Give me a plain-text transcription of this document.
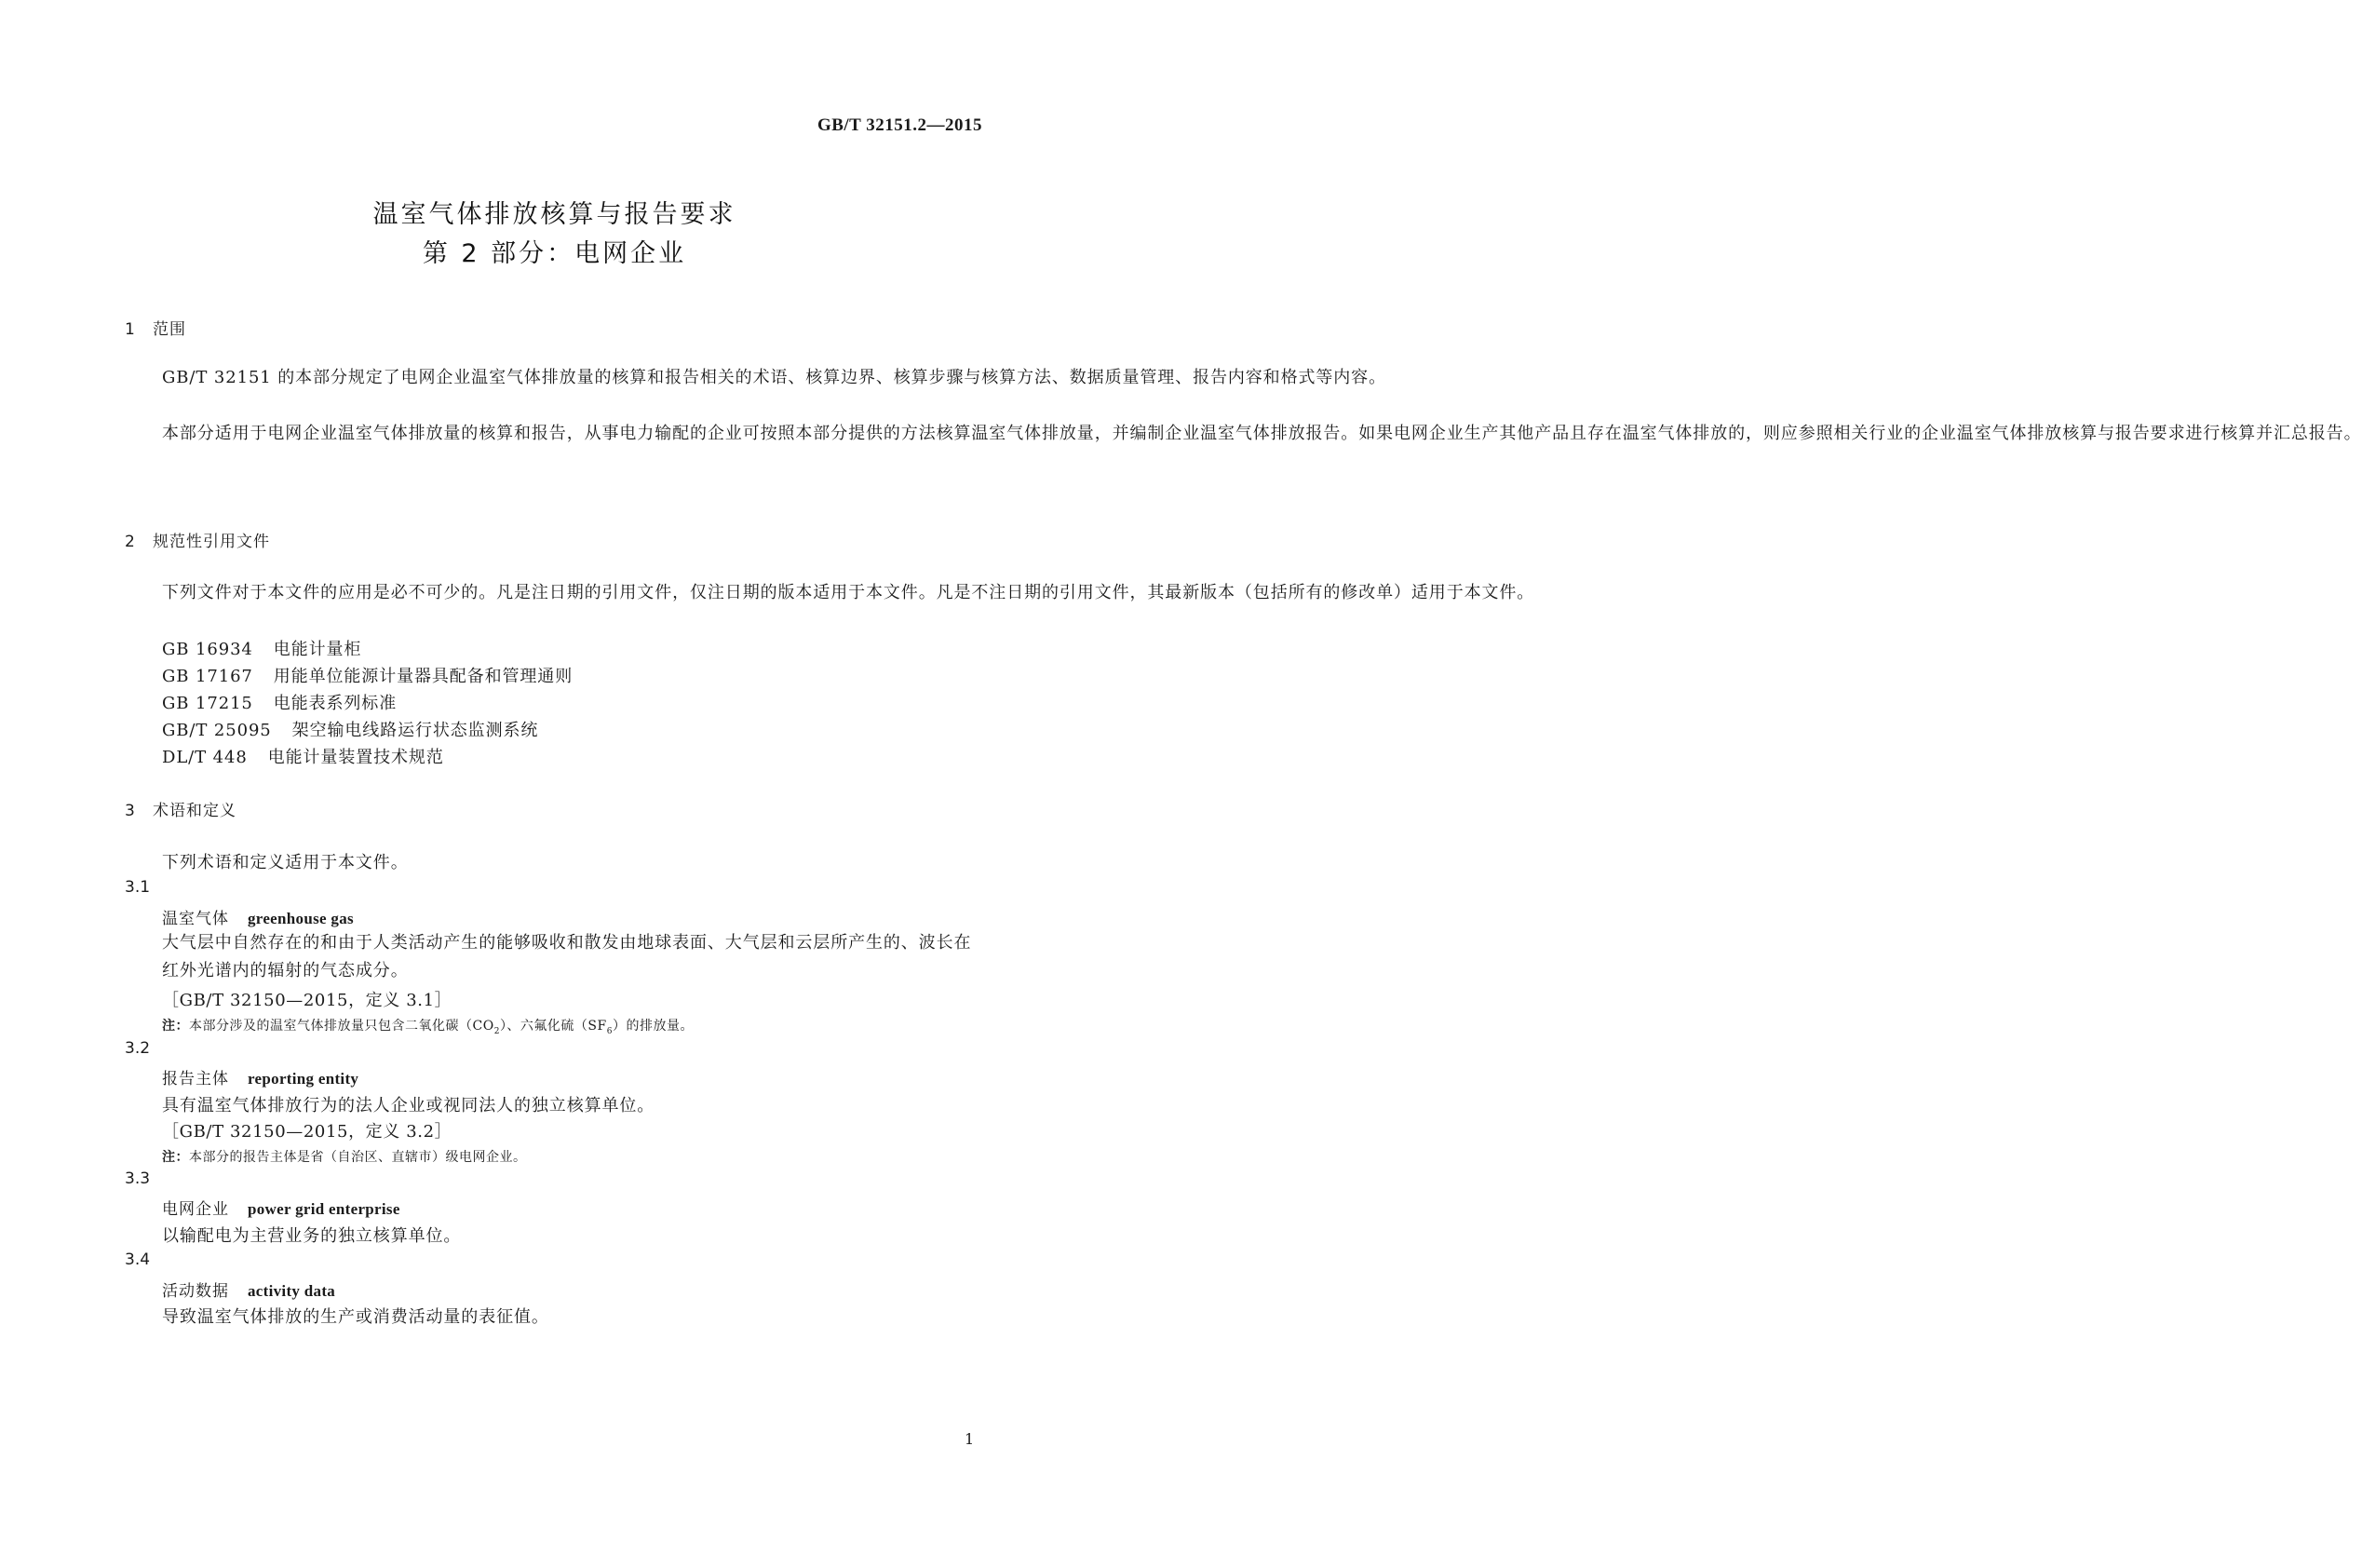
GB/T 32151.2—2015
温室气体排放核算与报告要求
第 2 部分：电网企业
1 范围
GB/T 32151 的本部分规定了电网企业温室气体排放量的核算和报告相关的术语、核算边界、核算步骤与核算方法、数据质量管理、报告内容和格式等内容。
本部分适用于电网企业温室气体排放量的核算和报告，从事电力输配的企业可按照本部分提供的方法核算温室气体排放量，并编制企业温室气体排放报告。如果电网企业生产其他产品且存在温室气体排放的，则应参照相关行业的企业温室气体排放核算与报告要求进行核算并汇总报告。
2 规范性引用文件
下列文件对于本文件的应用是必不可少的。凡是注日期的引用文件，仅注日期的版本适用于本文件。凡是不注日期的引用文件，其最新版本（包括所有的修改单）适用于本文件。
GB 16934 电能计量柜
GB 17167 用能单位能源计量器具配备和管理通则
GB 17215 电能表系列标准
GB/T 25095 架空输电线路运行状态监测系统
DL/T 448 电能计量装置技术规范
3 术语和定义
下列术语和定义适用于本文件。
3.1
温室气体 greenhouse gas
大气层中自然存在的和由于人类活动产生的能够吸收和散发由地球表面、大气层和云层所产生的、波长在红外光谱内的辐射的气态成分。
［GB/T 32150—2015，定义 3.1］
注：本部分涉及的温室气体排放量只包含二氧化碳$(CO_2)$、六氟化硫$(SF_6)$的排放量。
3.2
报告主体 reporting entity
具有温室气体排放行为的法人企业或视同法人的独立核算单位。
［GB/T 32150—2015，定义 3.2］
注：本部分的报告主体是省（自治区、直辖市）级电网企业。
3.3
电网企业 power grid enterprise
以输配电为主营业务的独立核算单位。
3.4
活动数据 activity data
导致温室气体排放的生产或消费活动量的表征值。
1
